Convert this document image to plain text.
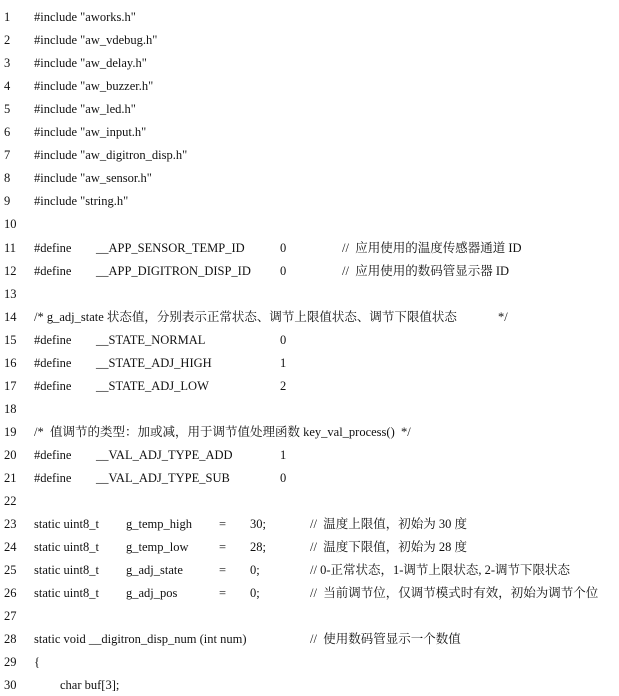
1 #include "aworks.h"
2 #include "aw_vdebug.h"
3 #include "aw_delay.h"
4 #include "aw_buzzer.h"
5 #include "aw_led.h"
6 #include "aw_input.h"
7 #include "aw_digitron_disp.h"
8 #include "aw_sensor.h"
9 #include "string.h"
10
11 #define __APP_SENSOR_TEMP_ID	0	//  应用使用的温度传感器通道 ID
12 #define __APP_DIGITRON_DISP_ID 0	//  应用使用的数码管显示器 ID
13
14 /* g_adj_state 状态值，分别表示正常状态、调节上限值状态、调节下限值状态	*/
15 #define __STATE_NORMAL	0
16 #define __STATE_ADJ_HIGH	1
17 #define __STATE_ADJ_LOW	2
18
19 /*  值调节的类型：加或减，用于调节值处理函数 key_val_process()  */
20 #define __VAL_ADJ_TYPE_ADD	1
21 #define __VAL_ADJ_TYPE_SUB	0
22
23 static uint8_t g_temp_high = 30;	//  温度上限值，初始为 30 度
24 static uint8_t g_temp_low = 28;	//  温度下限值，初始为 28 度
25 static uint8_t g_adj_state	= 0;	// 0-正常状态，1-调节上限状态, 2-调节下限状态
26 static uint8_t g_adj_pos	= 0;	//  当前调节位，仅调节模式时有效，初始为调节个位
27
28 static void __digitron_disp_num (int num)	//  使用数码管显示一个数值
29 {
30	char buf[3];
